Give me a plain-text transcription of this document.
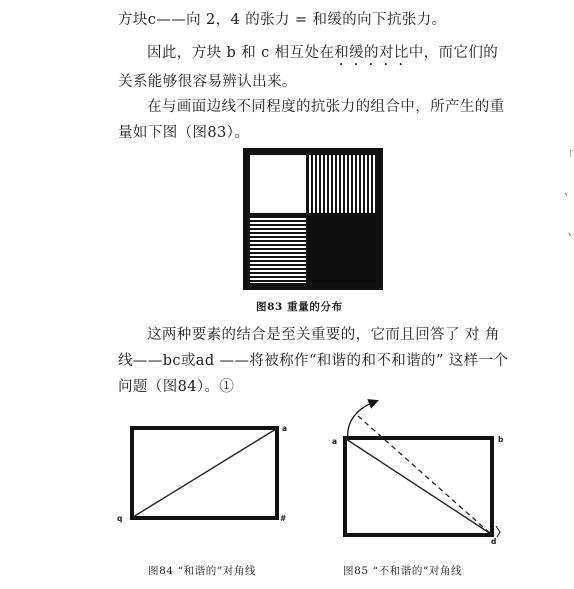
方块c——向 2，4 的张力 = 和缓的向下抗张力。

因此，方块 b 和 c 相互处在和缓的对比中，而它们的关系能够很容易辨认出来。

在与画面边线不同程度的抗张力的组合中，所产生的重量如下图（图83）。

图83 重量的分布

这两种要素的结合是至关重要的，它而且回答了 对 角 线——bc或ad ——将被称作“和谐的和不和谐的” 这样一个问题（图84）。①

a
q	#
图84 “和谐的”对角线
a	b
d
图85 “不和谐的”对角线
「
、
ヽ
